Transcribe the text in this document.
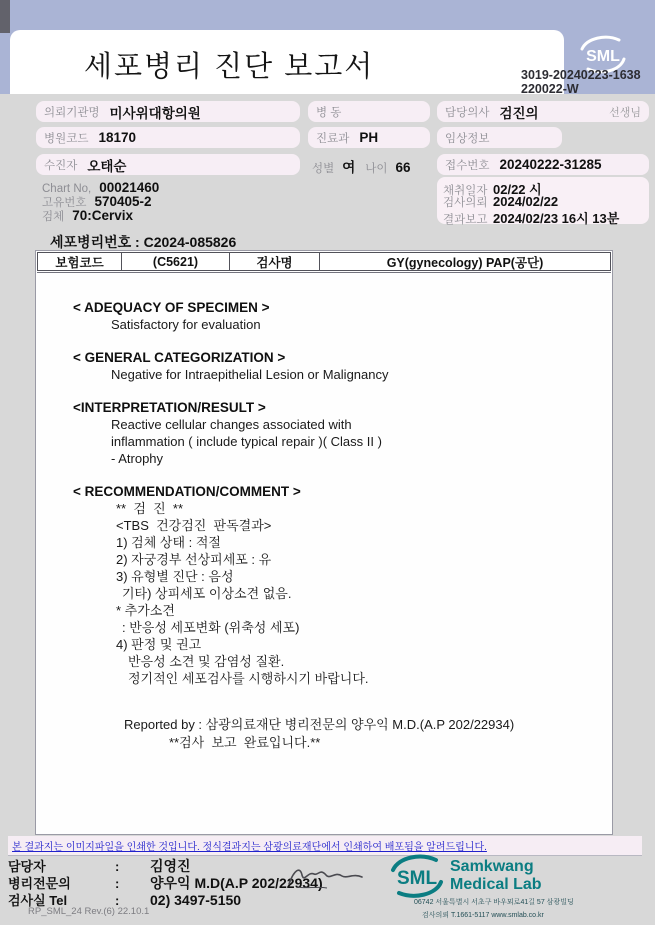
세포병리 진단 보고서	SML
3019-20240223-1638
220022-W
의뢰기관명 미사위대항의원
병원코드 18170
수진자 오태순
Chart No, 00021460
고유번호 570405-2
검체 70:Cervix
병 동
진료과 PH
성별 여 나이 66
담당의사 검진의	선생님
임상정보
접수번호 20240222-31285
채취일자 02/22 시
검사의뢰 2024/02/22
결과보고 2024/02/23 16시 13분
세포병리번호 : C2024-085826
보험코드	(C5621)	검사명	GY(gynecology) PAP(공단)
< ADEQUACY OF SPECIMEN >
Satisfactory for evaluation
< GENERAL CATEGORIZATION >
Negative for Intraepithelial Lesion or Malignancy
<INTERPRETATION/RESULT >
Reactive cellular changes associated with
inflammation ( include typical repair )( Class II )
- Atrophy
< RECOMMENDATION/COMMENT >
**  검  진  **
<TBS  건강검진  판독결과>
1) 검체 상태 : 적절
2) 자궁경부 선상피세포 : 유
3) 유형별 진단 : 음성
기타) 상피세포 이상소견 없음.
* 추가소견
: 반응성 세포변화 (위축성 세포)
4) 판정 및 권고
반응성 소견 및 감염성 질환.
정기적인 세포검사를 시행하시기 바랍니다.
Reported by : 삼광의료재단 병리전문의 양우익 M.D.(A.P 202/22934)
**검사  보고  완료입니다.**
본 결과지는 이미지파일을 인쇄한 것입니다. 정식결과지는 삼광의료재단에서 인쇄하여 배포됨을 알려드립니다.
담당자	:	김영진
병리전문의	:	양우익 M.D(A.P 202/22934)
검사실 Tel	:	02) 3497-5150
RP_SML_24 Rev.(6) 22.10.1
SML
Samkwang
Medical Lab
06742 서울특별시 서초구 바우뫼로41길 57 삼광빌딩
검사의뢰 T.1661-5117 www.smlab.co.kr
